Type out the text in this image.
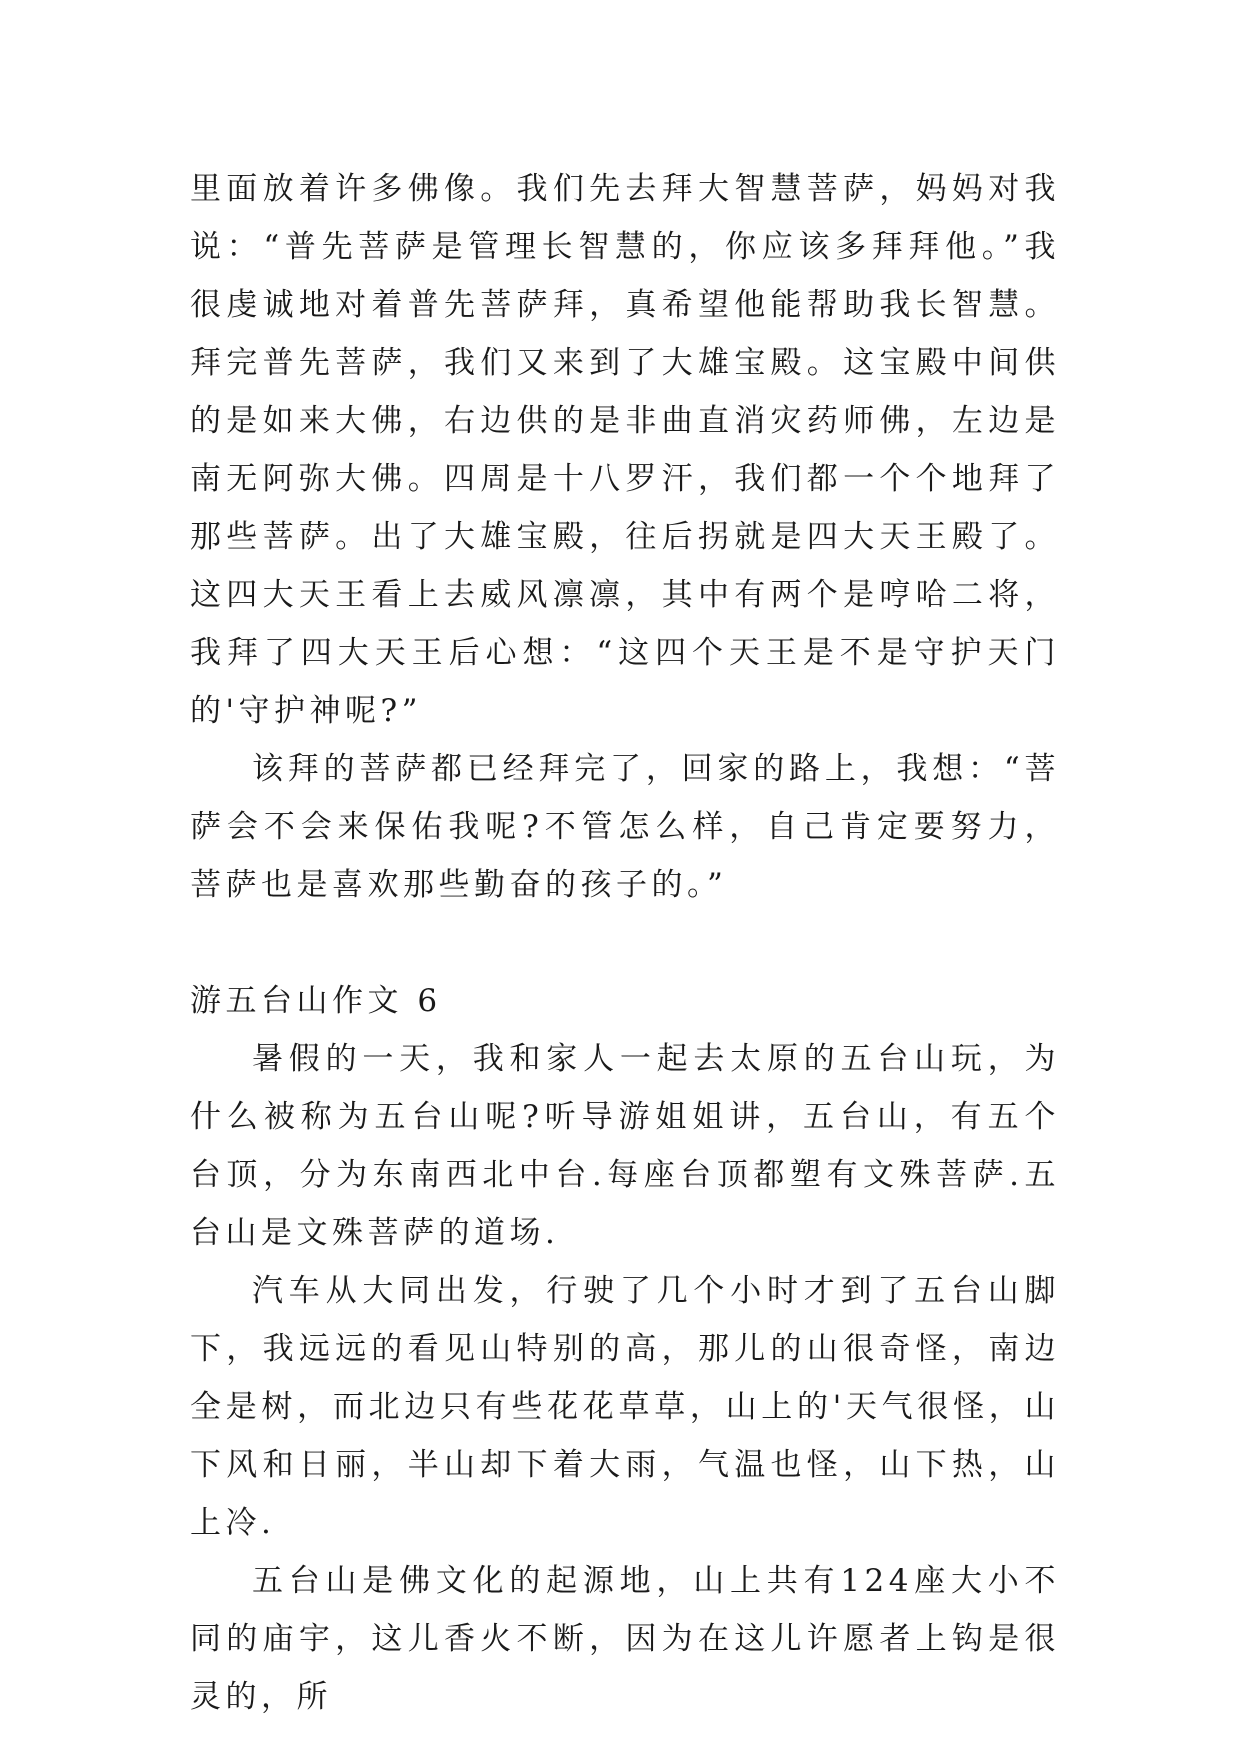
里面放着许多佛像。我们先去拜大智慧菩萨，妈妈对我说：“普先菩萨是管理长智慧的，你应该多拜拜他。”我很虔诚地对着普先菩萨拜，真希望他能帮助我长智慧。拜完普先菩萨，我们又来到了大雄宝殿。这宝殿中间供的是如来大佛，右边供的是非曲直消灾药师佛，左边是南无阿弥大佛。四周是十八罗汗，我们都一个个地拜了那些菩萨。出了大雄宝殿，往后拐就是四大天王殿了。这四大天王看上去威风凛凛，其中有两个是哼哈二将，我拜了四大天王后心想：“这四个天王是不是守护天门的'守护神呢?”

该拜的菩萨都已经拜完了，回家的路上，我想：“菩萨会不会来保佑我呢?不管怎么样，自己肯定要努力，菩萨也是喜欢那些勤奋的孩子的。”

游五台山作文 6

暑假的一天，我和家人一起去太原的五台山玩，为什么被称为五台山呢?听导游姐姐讲，五台山，有五个台顶，分为东南西北中台.每座台顶都塑有文殊菩萨.五台山是文殊菩萨的道场.

汽车从大同出发，行驶了几个小时才到了五台山脚下，我远远的看见山特别的高，那儿的山很奇怪，南边全是树，而北边只有些花花草草，山上的'天气很怪，山下风和日丽，半山却下着大雨，气温也怪，山下热，山上冷.

五台山是佛文化的起源地，山上共有124座大小不同的庙宇，这儿香火不断，因为在这儿许愿者上钩是很灵的，所
